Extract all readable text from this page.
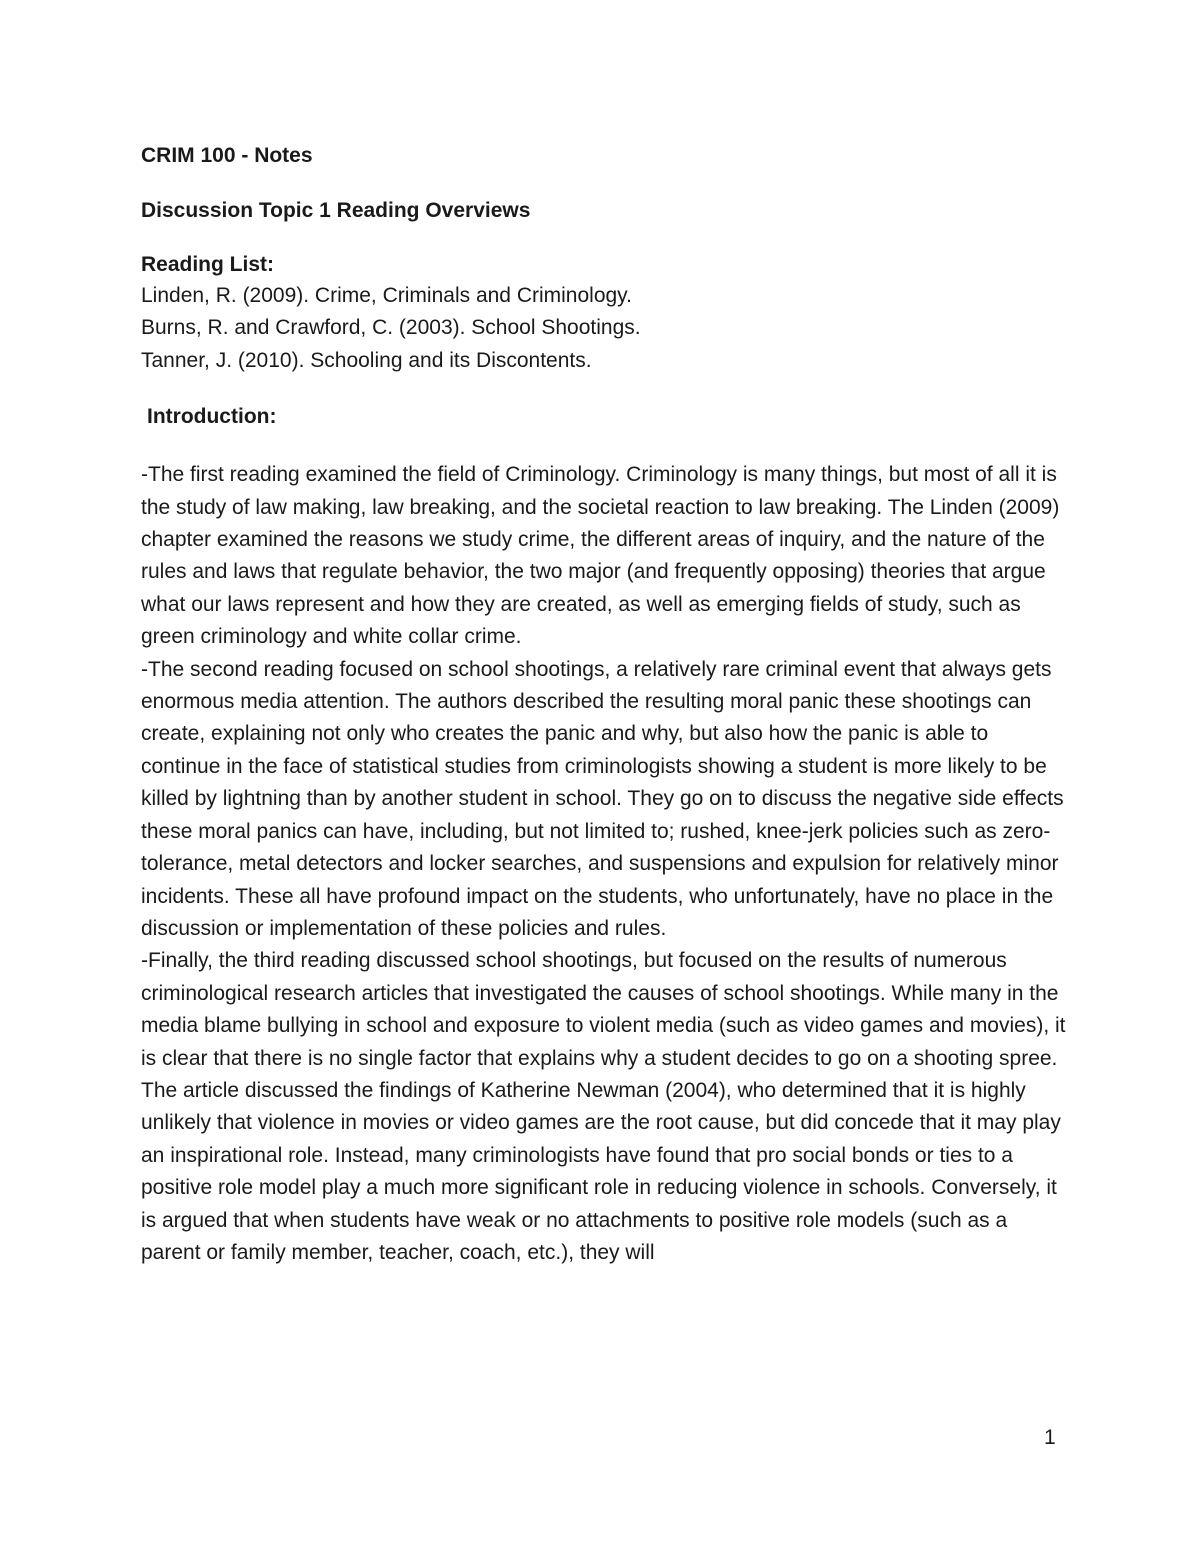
CRIM 100 - Notes

Discussion Topic 1 Reading Overviews

Reading List:

Linden, R. (2009). Crime, Criminals and Criminology.

Burns, R. and Crawford, C. (2003). School Shootings.

Tanner, J. (2010). Schooling and its Discontents.

Introduction:

-The first reading examined the field of Criminology. Criminology is many things, but most of all it is the study of law making, law breaking, and the societal reaction to law breaking. The Linden (2009) chapter examined the reasons we study crime, the different areas of inquiry, and the nature of the rules and laws that regulate behavior, the two major (and frequently opposing) theories that argue what our laws represent and how they are created, as well as emerging fields of study, such as green criminology and white collar crime.

-The second reading focused on school shootings, a relatively rare criminal event that always gets enormous media attention. The authors described the resulting moral panic these shootings can create, explaining not only who creates the panic and why, but also how the panic is able to continue in the face of statistical studies from criminologists showing a student is more likely to be killed by lightning than by another student in school. They go on to discuss the negative side effects these moral panics can have, including, but not limited to; rushed, knee-jerk policies such as zero-tolerance, metal detectors and locker searches, and suspensions and expulsion for relatively minor incidents. These all have profound impact on the students, who unfortunately, have no place in the discussion or implementation of these policies and rules.

-Finally, the third reading discussed school shootings, but focused on the results of numerous criminological research articles that investigated the causes of school shootings. While many in the media blame bullying in school and exposure to violent media (such as video games and movies), it is clear that there is no single factor that explains why a student decides to go on a shooting spree. The article discussed the findings of Katherine Newman (2004), who determined that it is highly unlikely that violence in movies or video games are the root cause, but did concede that it may play an inspirational role. Instead, many criminologists have found that pro social bonds or ties to a positive role model play a much more significant role in reducing violence in schools. Conversely, it is argued that when students have weak or no attachments to positive role models (such as a parent or family member, teacher, coach, etc.), they will

1
